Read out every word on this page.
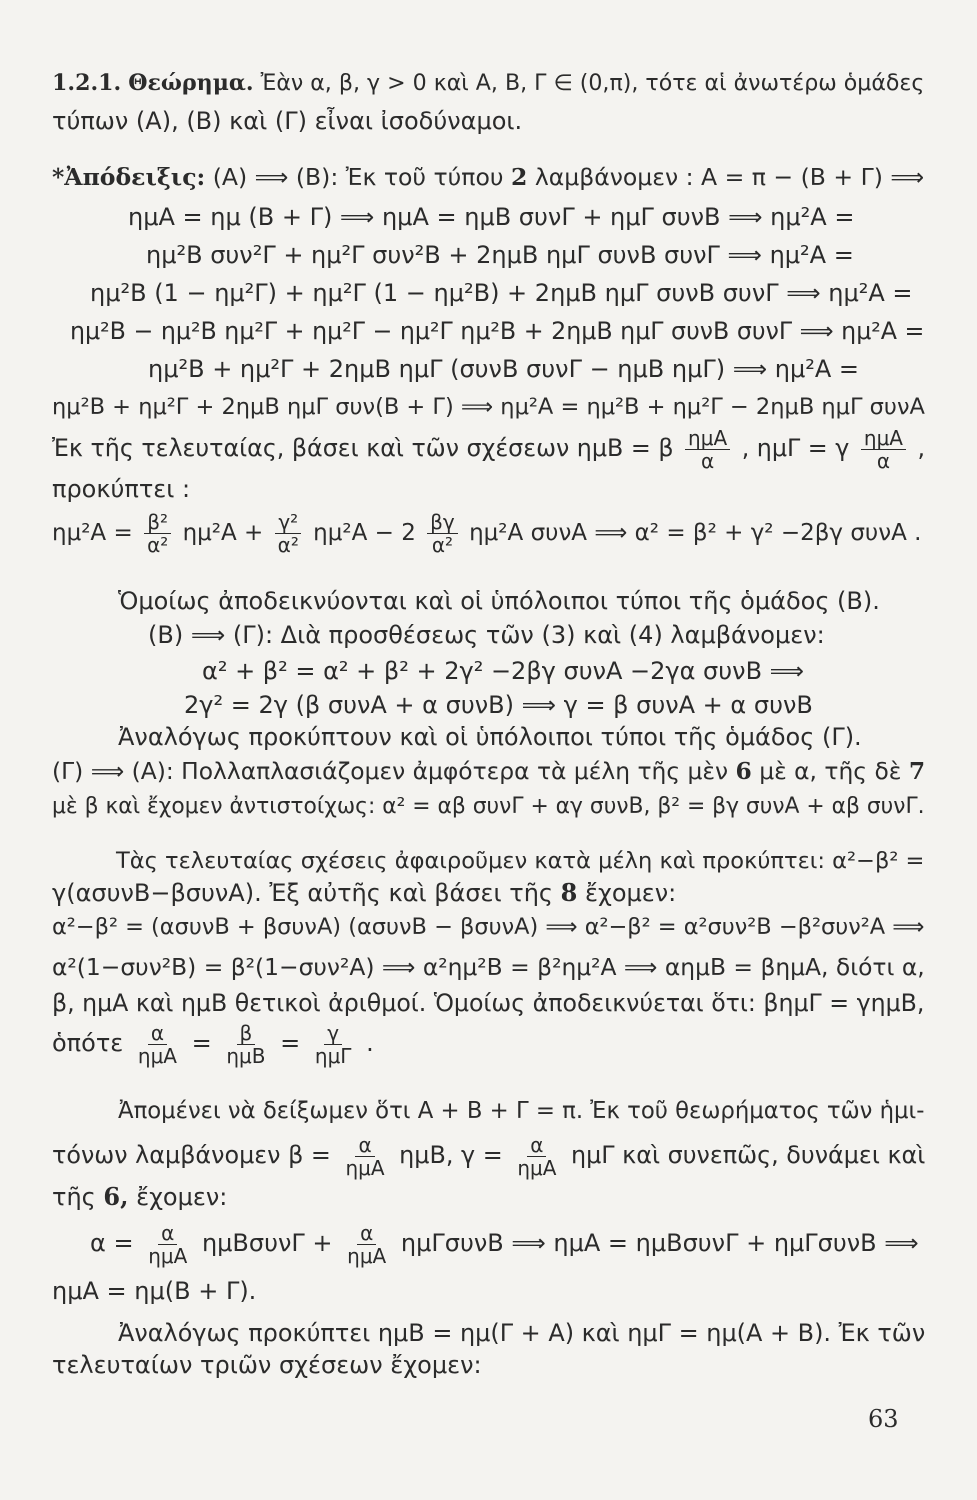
1.2.1. Θεώρημα. Ἐὰν α, β, γ > 0 καὶ Α, Β, Γ ∈ (0,π), τότε αἱ ἀνωτέρω ὁμάδες
τύπων (Α), (Β) καὶ (Γ) εἶναι ἰσοδύναμοι.
*Ἀπόδειξις: (Α) ⟹ (Β): Ἐκ τοῦ τύπου 2 λαμβάνομεν : Α = π − (Β + Γ) ⟹
ημΑ = ημ (Β + Γ) ⟹ ημΑ = ημΒ συνΓ + ημΓ συνΒ ⟹ ημ²Α =
ημ²Β συν²Γ + ημ²Γ συν²Β + 2ημΒ ημΓ συνΒ συνΓ ⟹ ημ²Α =
ημ²Β (1 − ημ²Γ) + ημ²Γ (1 − ημ²Β) + 2ημΒ ημΓ συνΒ συνΓ ⟹ ημ²Α =
ημ²Β − ημ²Β ημ²Γ + ημ²Γ − ημ²Γ ημ²Β + 2ημΒ ημΓ συνΒ συνΓ ⟹ ημ²Α =
ημ²Β + ημ²Γ + 2ημΒ ημΓ (συνΒ συνΓ − ημΒ ημΓ) ⟹ ημ²Α =
ημ²Β + ημ²Γ + 2ημΒ ημΓ συν(Β + Γ) ⟹ ημ²Α = ημ²Β + ημ²Γ − 2ημΒ ημΓ συνΑ
Ἐκ τῆς τελευταίας, βάσει καὶ τῶν σχέσεων ημΒ = β $\frac{\text{ημΑ}}{\alpha}$ , ημΓ = γ $\frac{\text{ημΑ}}{\alpha}$ ,
προκύπτει :
$\eta\mu^2A = \frac{\text{β²}}{\text{α²}} \eta\mu^2A + \frac{\text{γ²}}{\text{α²}} \eta\mu^2A - 2 \frac{\beta\gamma}{\text{α²}} \eta\mu^2A$ συνΑ ⟹ α² = β² + γ² −2βγ συνΑ .
Ὁμοίως ἀποδεικνύονται καὶ οἱ ὑπόλοιποι τύποι τῆς ὁμάδος (Β).
(Β) ⟹ (Γ): Διὰ προσθέσεως τῶν (3) καὶ (4) λαμβάνομεν:
α² + β² = α² + β² + 2γ² −2βγ συνΑ −2γα συνΒ ⟹
2γ² = 2γ (β συνΑ + α συνΒ) ⟹ γ = β συνΑ + α συνΒ
Ἀναλόγως προκύπτουν καὶ οἱ ὑπόλοιποι τύποι τῆς ὁμάδος (Γ).
(Γ) ⟹ (Α): Πολλαπλασιάζομεν ἀμφότερα τὰ μέλη τῆς μὲν 6 μὲ α, τῆς δὲ 7
μὲ β καὶ ἔχομεν ἀντιστοίχως: α² = αβ συνΓ + αγ συνΒ, β² = βγ συνΑ + αβ συνΓ.
Τὰς τελευταίας σχέσεις ἀφαιροῦμεν κατὰ μέλη καὶ προκύπτει: α²−β² =
γ(ασυνΒ−βσυνΑ). Ἐξ αὐτῆς καὶ βάσει τῆς 8 ἔχομεν:
α²−β² = (ασυνΒ + βσυνΑ) (ασυνΒ − βσυνΑ) ⟹ α²−β² = α²συν²Β −β²συν²Α ⟹
α²(1−συν²Β) = β²(1−συν²Α) ⟹ α²ημ²Β = β²ημ²Α ⟹ αημΒ = βημΑ, διότι α,
β, ημΑ καὶ ημΒ θετικοὶ ἀριθμοί. Ὁμοίως ἀποδεικνύεται ὅτι: βημΓ = γημΒ,
ὁπότε $\frac{\alpha}{\text{ημΑ}} = \frac{\beta}{\text{ημΒ}} = \frac{\gamma}{\text{ημΓ}}$ .
Ἀπομένει νὰ δείξωμεν ὅτι Α + Β + Γ = π. Ἐκ τοῦ θεωρήματος τῶν ἡμι-
τόνων λαμβάνομεν $\beta = \frac{\alpha}{\text{ημΑ}} \eta\mu B$, $\gamma = \frac{\alpha}{\text{ημΑ}}$ ημΓ καὶ συνεπῶς, δυνάμει καὶ
τῆς 6, ἔχομεν:
$\alpha = \frac{\alpha}{\text{ημΑ}}$ $\eta\mu B\sigma\upsilon\nu\Gamma + \frac{\alpha}{\text{ημΑ}}$ ημΓσυνΒ ⟹ ημΑ = ημΒσυνΓ + ημΓσυνΒ ⟹
ημΑ = ημ(Β + Γ).
Ἀναλόγως προκύπτει ημΒ = ημ(Γ + Α) καὶ ημΓ = ημ(Α + Β). Ἐκ τῶν
τελευταίων τριῶν σχέσεων ἔχομεν:
63
